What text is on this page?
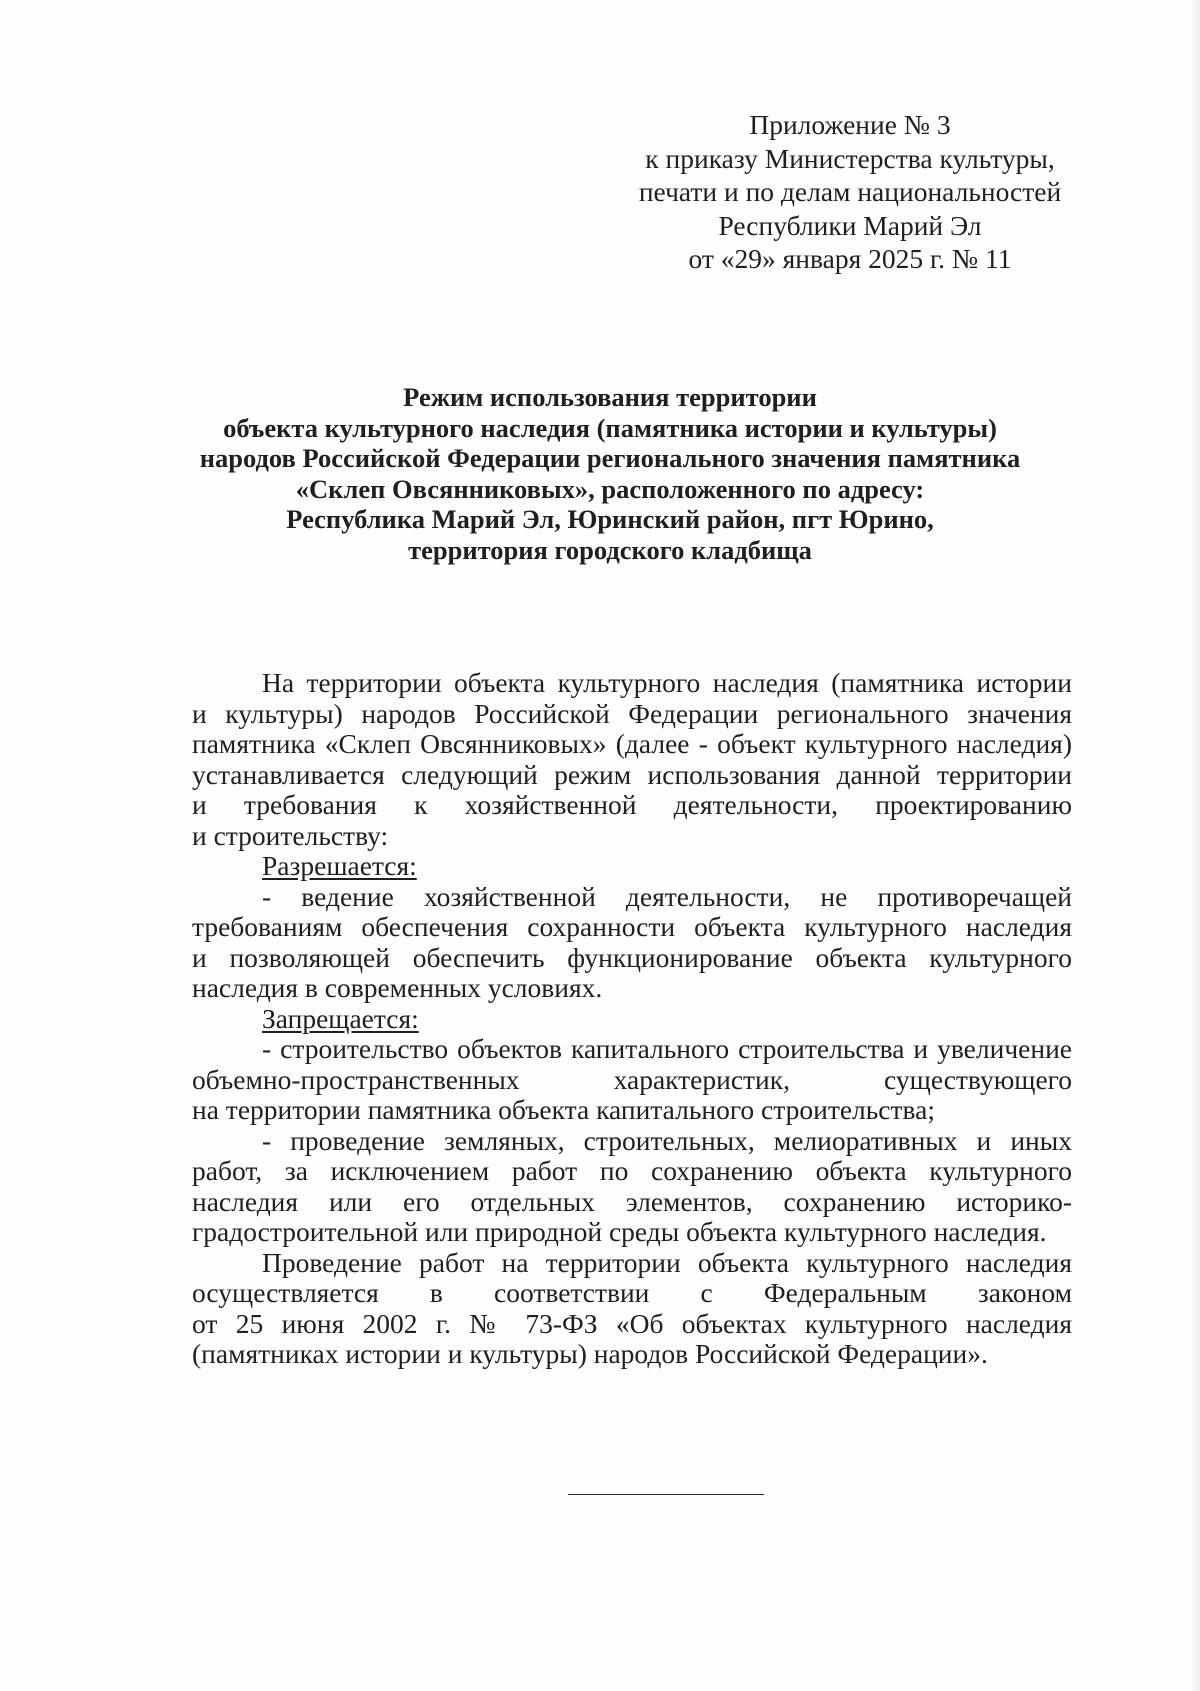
Приложение № 3
к приказу Министерства культуры,
печати и по делам национальностей
Республики Марий Эл
от «29» января 2025 г. № 11
Режим использования территории
объекта культурного наследия (памятника истории и культуры)
народов Российской Федерации регионального значения памятника
«Склеп Овсянниковых», расположенного по адресу:
Республика Марий Эл, Юринский район, пгт Юрино,
территория городского кладбища
На территории объекта культурного наследия (памятника истории
и культуры) народов Российской Федерации регионального значения
памятника «Склеп Овсянниковых» (далее - объект культурного наследия)
устанавливается следующий режим использования данной территории
и требования к хозяйственной деятельности, проектированию
и строительству:
Разрешается:
- ведение хозяйственной деятельности, не противоречащей
требованиям обеспечения сохранности объекта культурного наследия
и позволяющей обеспечить функционирование объекта культурного
наследия в современных условиях.
Запрещается:
- строительство объектов капитального строительства и увеличение
объемно-пространственных характеристик, существующего
на территории памятника объекта капитального строительства;
- проведение земляных, строительных, мелиоративных и иных
работ, за исключением работ по сохранению объекта культурного
наследия или его отдельных элементов, сохранению историко-
градостроительной или природной среды объекта культурного наследия.
Проведение работ на территории объекта культурного наследия
осуществляется в соответствии с Федеральным законом
от 25 июня 2002 г. № 73-ФЗ «Об объектах культурного наследия
(памятниках истории и культуры) народов Российской Федерации».
